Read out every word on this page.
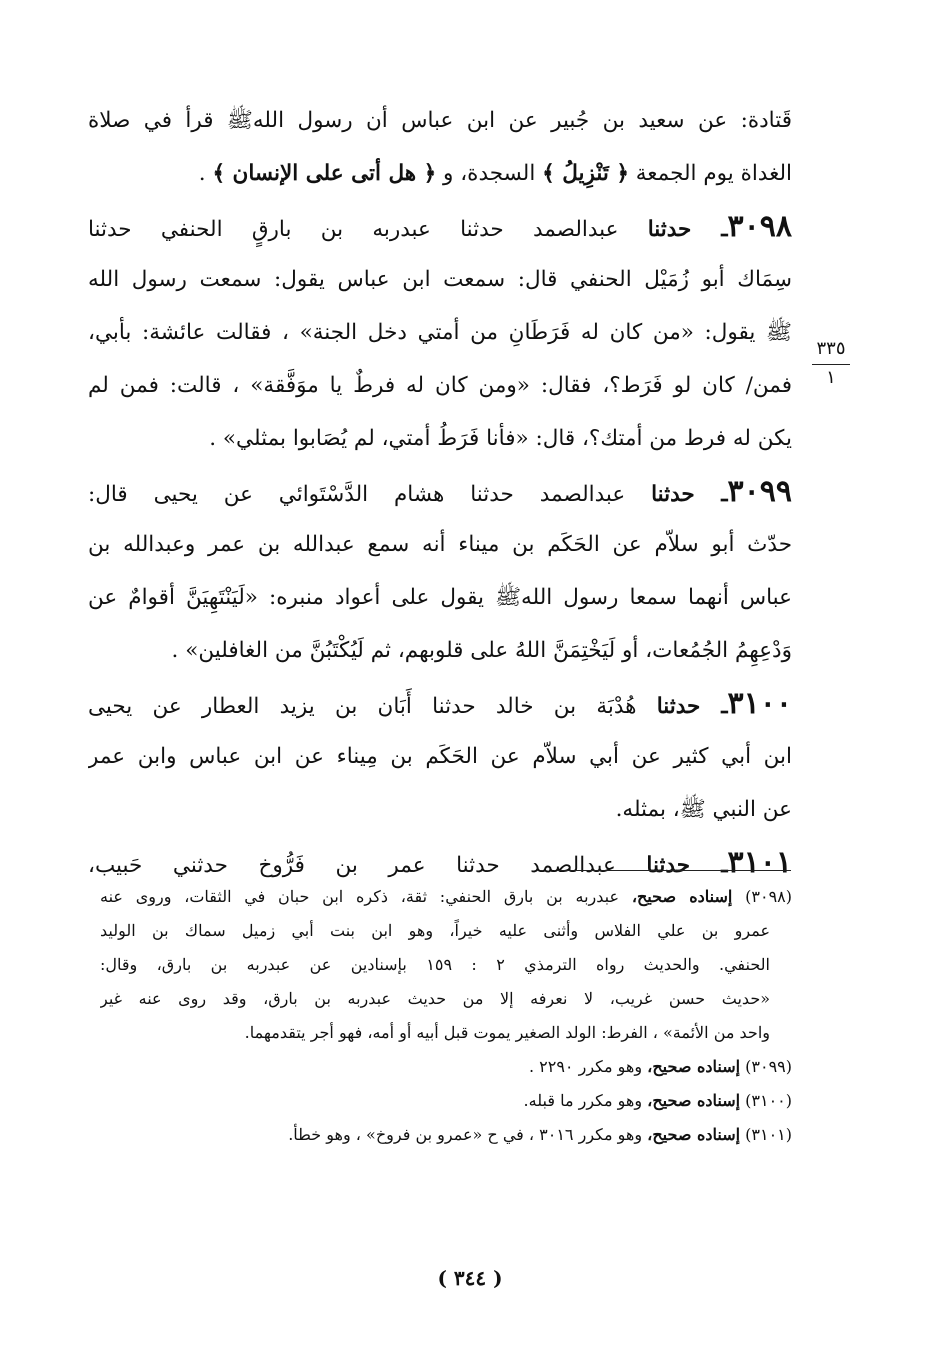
قَتادة: عن سعيد بن جُبير عن ابن عباس أن رسول اللهﷺ قرأ في صلاة
الغداة يوم الجمعة ﴿ تَنْزِيلُ ﴾ السجدة، و ﴿ هل أتى على الإنسان ﴾ .
٣٠٩٨ـ حدثنا عبدالصمد حدثنا عبدربه بن بارقٍ الحنفي حدثنا
سِمَاك أبو زُمَيْل الحنفي قال: سمعت ابن عباس يقول: سمعت رسول الله
ﷺ يقول: «من كان له فَرَطَانِ من أمتي دخل الجنة» ، فقالت عائشة: بأبي،
فمن/ كان لو فَرَط؟، فقال: «ومن كان له فرطٌ يا موَفَّقة» ، قالت: فمن لم
يكن له فرط من أمتك؟، قال: «فأنا فَرَطُ أمتي، لم يُصَابوا بمثلي» .
٣٠٩٩ـ حدثنا عبدالصمد حدثنا هشام الدَّسْتَوائي عن يحيى قال:
حدّث أبو سلاّم عن الحَكَم بن ميناء أنه سمع عبدالله بن عمر وعبدالله بن
عباس أنهما سمعا رسول اللهﷺ يقول على أعواد منبره: «لَيَنْتَهِيَنَّ أقوامٌ عن
وَدْعِهِمُ الجُمُعات، أو لَيَخْتِمَنَّ اللهُ على قلوبهم، ثم لَيُكْتَبُنَّ من الغافلين» .
٣١٠٠ـ حدثنا هُدْبَة بن خالد حدثنا أَبَان بن يزيد العطار عن يحيى
ابن أبي كثير عن أبي سلاّم عن الحَكَم بن مِيناء عن ابن عباس وابن عمر
عن النبي ﷺ، بمثله.
٣١٠١ـ حدثنا عبدالصمد حدثنا عمر بن فَرُّوخ حدثني حَبيب،
٣٣٥
١
(٣٠٩٨) إسناده صحيح، عبدربه بن بارق الحنفي: ثقة، ذكره ابن حبان في الثقات، وروى عنه
عمرو بن علي الفلاس وأثنى عليه خيراً، وهو ابن بنت أبي زميل سماك بن الوليد
الحنفي. والحديث رواه الترمذي ٢ : ١٥٩ بإسنادين عن عبدربه بن بارق، وقال:
«حديث حسن غريب، لا نعرفه إلا من حديث عبدربه بن بارق، وقد روى عنه غير
واحد من الأئمة» ، الفرط: الولد الصغير يموت قبل أبيه أو أمه، فهو أجر يتقدمهما.
(٣٠٩٩) إسناده صحيح، وهو مكرر ٢٢٩٠ .
(٣١٠٠) إسناده صحيح، وهو مكرر ما قبله.
(٣١٠١) إسناده صحيح، وهو مكرر ٣٠١٦ ، في ح «عمرو بن فروخ» ، وهو خطأ.
( ٣٤٤ )
